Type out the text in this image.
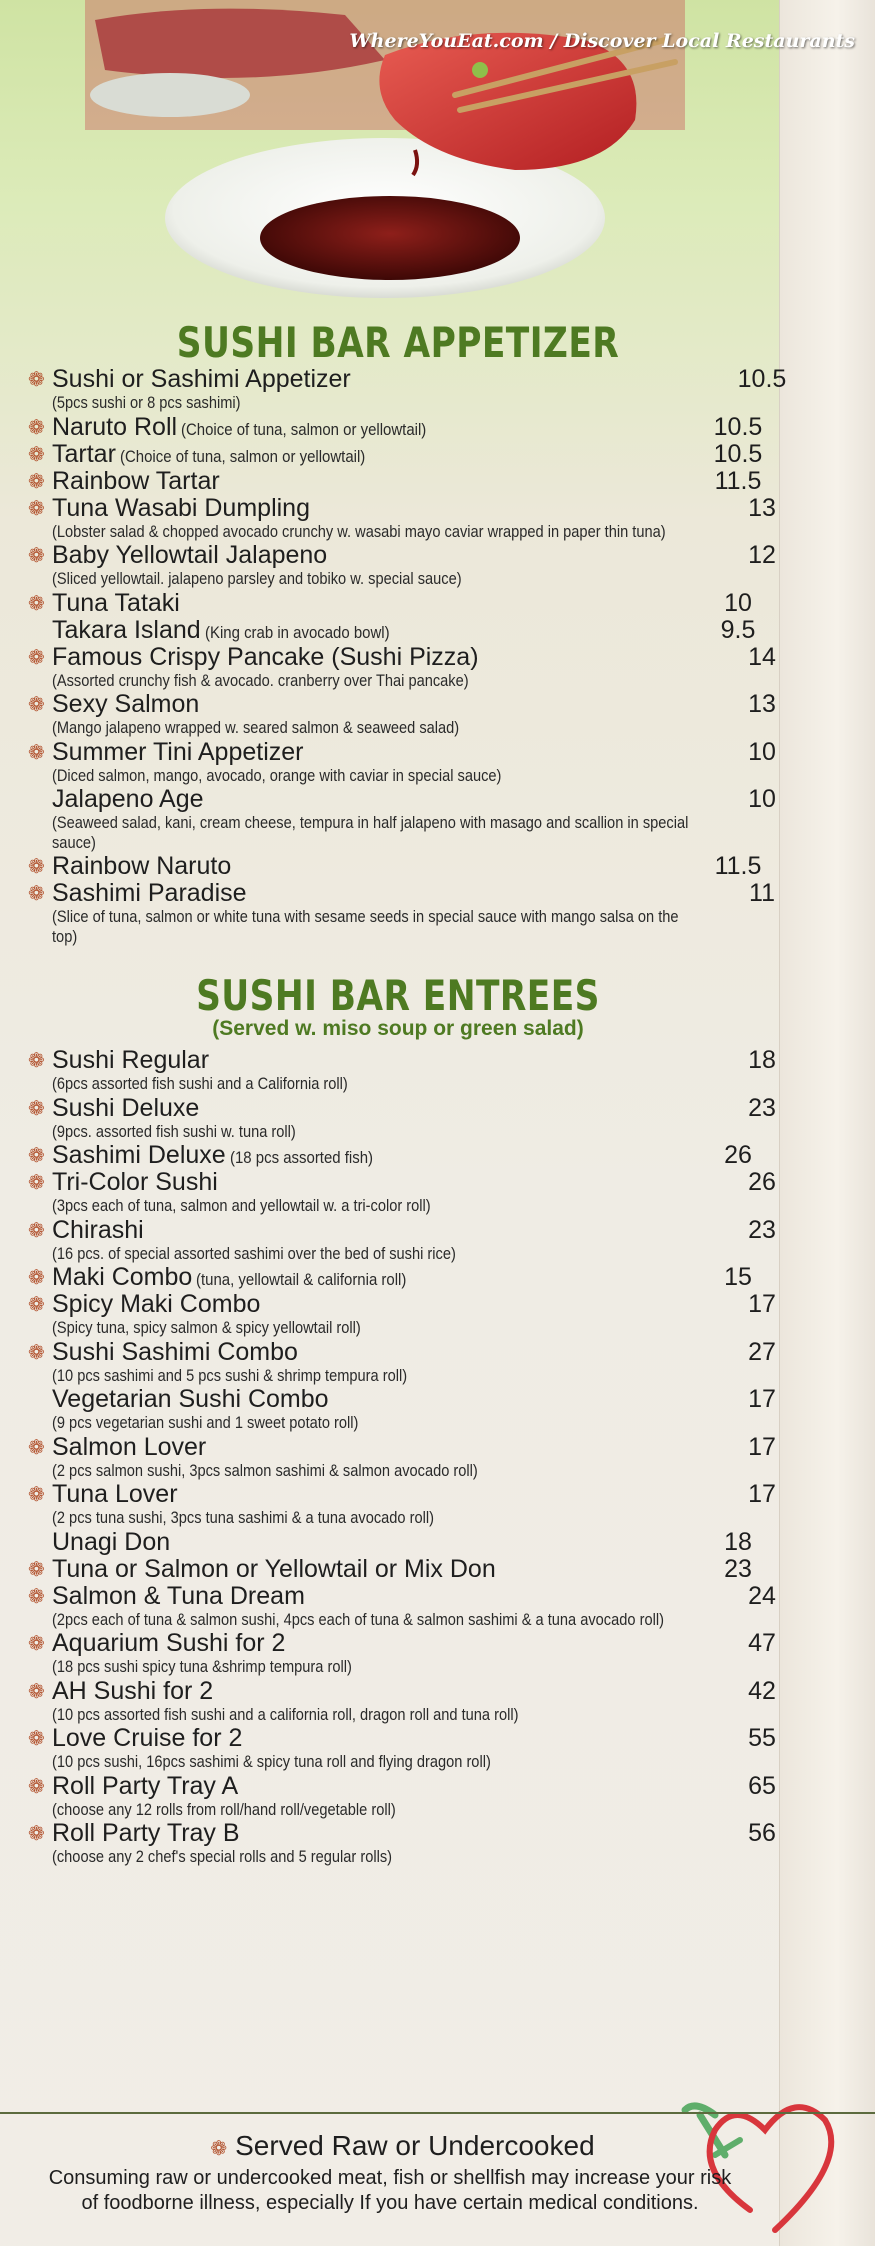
WhereYouEat.com / Discover Local Restaurants
SUSHI BAR APPETIZER
❁ Sushi or Sashimi Appetizer	10.5
(5pcs sushi or 8 pcs sashimi)
❁ Naruto Roll (Choice of tuna, salmon or yellowtail)	10.5
❁ Tartar (Choice of tuna, salmon or yellowtail)	10.5
❁ Rainbow Tartar	11.5
❁ Tuna Wasabi Dumpling	13
(Lobster salad & chopped avocado crunchy w. wasabi mayo caviar wrapped in paper thin tuna)
❁ Baby Yellowtail Jalapeno	12
(Sliced yellowtail. jalapeno parsley and tobiko w. special sauce)
❁ Tuna Tataki	10
Takara Island (King crab in avocado bowl)	9.5
❁ Famous Crispy Pancake (Sushi Pizza)	14
(Assorted crunchy fish & avocado. cranberry over Thai pancake)
❁ Sexy Salmon	13
(Mango jalapeno wrapped w. seared salmon & seaweed salad)
❁ Summer Tini Appetizer	10
(Diced salmon, mango, avocado, orange with caviar in special sauce)
Jalapeno Age	10
(Seaweed salad, kani, cream cheese, tempura in half jalapeno with masago and scallion in special sauce)
❁ Rainbow Naruto	11.5
❁ Sashimi Paradise	11
(Slice of tuna, salmon or white tuna with sesame seeds in special sauce with mango salsa on the top)
SUSHI BAR ENTREES
(Served w. miso soup or green salad)
❁ Sushi Regular	18
(6pcs assorted fish sushi and a California roll)
❁ Sushi Deluxe	23
(9pcs. assorted fish sushi w. tuna roll)
❁ Sashimi Deluxe (18 pcs assorted fish)	26
❁ Tri-Color Sushi	26
(3pcs each of tuna, salmon and yellowtail w. a tri-color roll)
❁ Chirashi	23
(16 pcs. of special assorted sashimi over the bed of sushi rice)
❁ Maki Combo (tuna, yellowtail & california roll)	15
❁ Spicy Maki Combo	17
(Spicy tuna, spicy salmon & spicy yellowtail roll)
❁ Sushi Sashimi Combo	27
(10 pcs sashimi and 5 pcs sushi & shrimp tempura roll)
Vegetarian Sushi Combo	17
(9 pcs vegetarian sushi and 1 sweet potato roll)
❁ Salmon Lover	17
(2 pcs salmon sushi, 3pcs salmon sashimi & salmon avocado roll)
❁ Tuna Lover	17
(2 pcs tuna sushi, 3pcs tuna sashimi & a tuna avocado roll)
Unagi Don	18
❁ Tuna or Salmon or Yellowtail or Mix Don	23
❁ Salmon & Tuna Dream	24
(2pcs each of tuna & salmon sushi, 4pcs each of tuna & salmon sashimi & a tuna avocado roll)
❁ Aquarium Sushi for 2	47
(18 pcs sushi spicy tuna &shrimp tempura roll)
❁ AH Sushi for 2	42
(10 pcs assorted fish sushi and a california roll, dragon roll and tuna roll)
❁ Love Cruise for 2	55
(10 pcs sushi, 16pcs sashimi & spicy tuna roll and flying dragon roll)
❁ Roll Party Tray A	65
(choose any 12 rolls from roll/hand roll/vegetable roll)
❁ Roll Party Tray B	56
(choose any 2 chef's special rolls and 5 regular rolls)
❁ Served Raw or Undercooked
Consuming raw or undercooked meat, fish or shellfish may increase your risk
of foodborne illness, especially If you have certain medical conditions.
